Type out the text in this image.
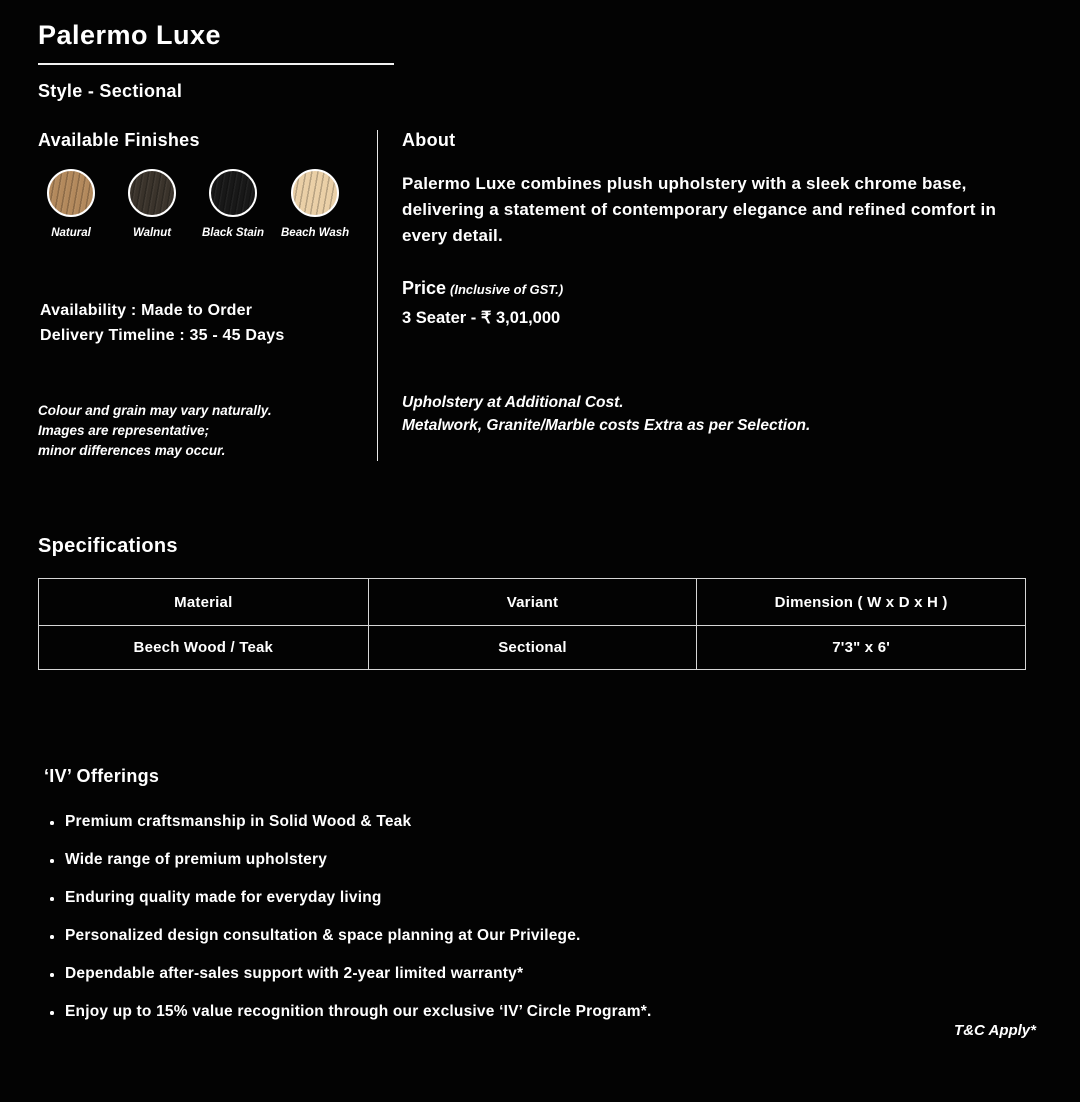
Palermo Luxe
Style - Sectional
Available Finishes
Natural	Walnut	Black Stain Beach Wash

Availability : Made to Order

Delivery Timeline : 35 - 45 Days

Colour and grain may vary naturally.

Images are representative;

minor differences may occur.

About

Palermo Luxe combines plush upholstery with a sleek chrome base, delivering a statement of contemporary elegance and refined comfort in every detail.

Price (Inclusive of GST.)

3 Seater - ₹ 3,01,000

Upholstery at Additional Cost.

Metalwork, Granite/Marble costs Extra as per Selection.

Specifications
Material	Variant	Dimension ( W x D x H )
Beech Wood / Teak	Sectional	7'3" x 6'
‘IV’ Offerings
Premium craftsmanship in Solid Wood & Teak
Wide range of premium upholstery
Enduring quality made for everyday living
Personalized design consultation & space planning at Our Privilege.
Dependable after-sales support with 2-year limited warranty*
Enjoy up to 15% value recognition through our exclusive ‘IV’ Circle Program*.

T&C Apply*
